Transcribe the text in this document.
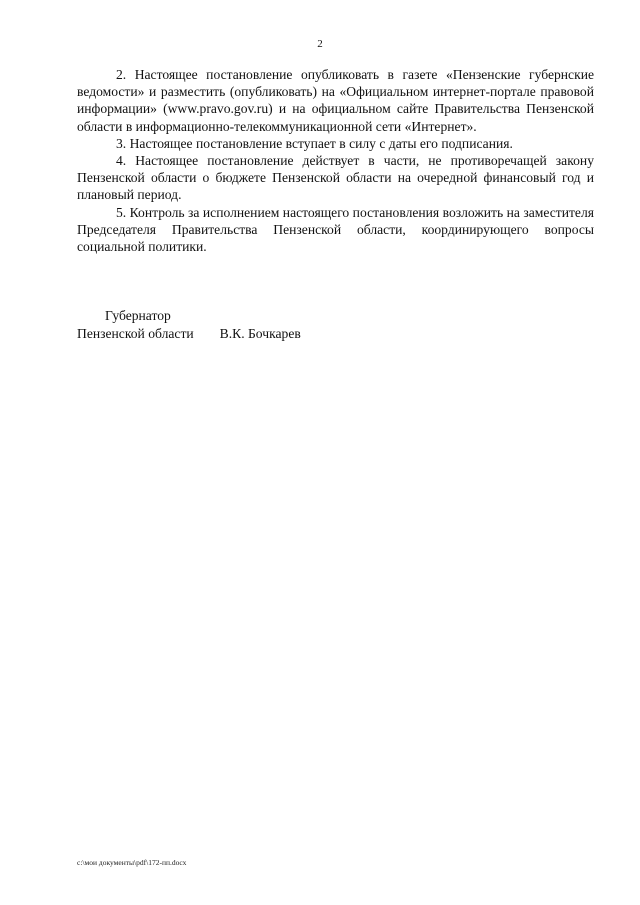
2

2. Настоящее постановление опубликовать в газете «Пензенские губернские ведомости» и разместить (опубликовать) на «Официальном интернет-портале правовой информации» (www.pravo.gov.ru) и на официальном сайте Правительства Пензенской области в информационно-телекоммуникационной сети «Интернет».

3. Настоящее постановление вступает в силу с даты его подписания.

4. Настоящее постановление действует в части, не противоречащей закону Пензенской области о бюджете Пензенской области на очередной финансовый год и плановый период.

5. Контроль за исполнением настоящего постановления возложить на заместителя Председателя Правительства Пензенской области, координирующего вопросы социальной политики.

Губернатор
Пензенской области В.К. Бочкарев
c:\мои документы\pdf\172-пп.docx
